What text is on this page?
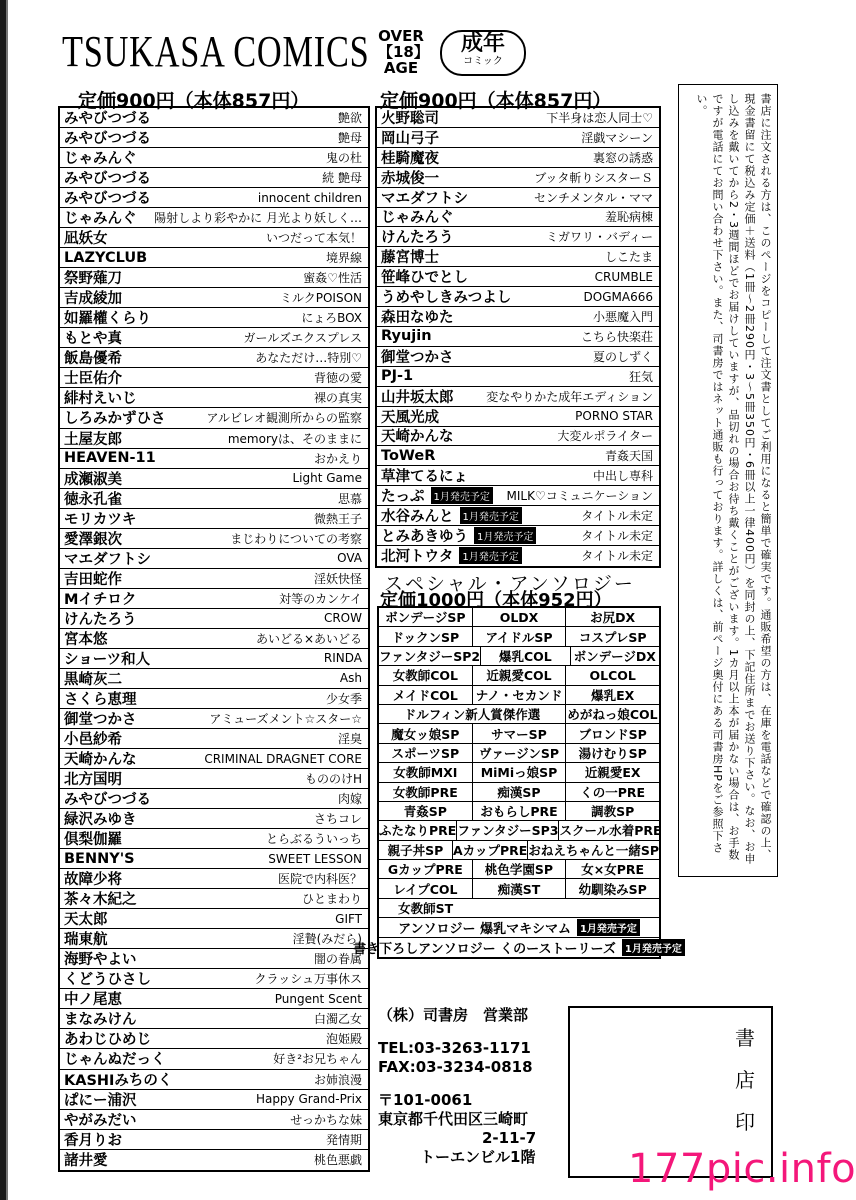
TSUKASA COMICS OVER
【18】
AGE
成年
コミック
定価900円（本体857円）
みやびつづる	艶欲
みやびつづる	艶母
じゃみんぐ	鬼の杜
みやびつづる	続 艶母
みやびつづる	innocent children
じゃみんぐ 陽射しより彩やかに 月光より妖しく…
凪妖女	いつだって本気！
LAZYCLUB	境界線
祭野薙刀	蜜姦♡性活
吉成綾加	ミルクPOISON
如羅權くらり	にょろBOX
もとや真	ガールズエクスプレス
飯島優希	あなただけ…特別♡
士臣佑介	背徳の愛
緋村えいじ	裸の真実
しろみかずひさ	アルビレオ観測所からの監察
土屋友郎	memoryは、そのままに
HEAVEN-11	おかえり
成瀬淑美	Light Game
徳永孔雀	思慕
モリカツキ	微熱王子
愛澤銀次	まじわりについての考察
マエダフトシ	OVA
吉田蛇作	淫妖快怪
Mイチロク	対等のカンケイ
けんたろう	CROW
宮本悠	あいどる×あいどる
ショーツ和人	RINDA
黒崎灰二	Ash
さくら恵理	少女季
御堂つかさ	アミューズメント☆スター☆
小邑紗希	淫臭
天崎かんな	CRIMINAL DRAGNET CORE
北方国明	もののけH
みやびつづる	肉嫁
緑沢みゆき	さちコレ
倶梨伽羅	とらぶるういっち
BENNY'S	SWEET LESSON
故障少将	医院で内科医？
茶々木紀之	ひとまわり
天太郎	GIFT
瑞東航	淫贄(みだら)
海野やよい	闇の眷属
くどうひさし	クラッシュ万事休ス
中ノ尾恵	Pungent Scent
まなみけん	白濁乙女
あわじひめじ	泡姫殿
じゃんぬだっく	好き²お兄ちゃん
KASHIみちのく	お姉浪漫
ぱにー浦沢	Happy Grand-Prix
やがみだい	せっかちな妹
香月りお	発情期
諸井愛	桃色悪戯
定価900円（本体857円）
火野聡司	下半身は恋人同士♡
岡山弓子	淫戯マシーン
桂騎魔夜	裏窓の誘惑
赤城俊一	ブッタ斬りシスターＳ
マエダフトシ	センチメンタル・ママ
じゃみんぐ	羞恥病棟
けんたろう	ミガワリ・バディー
藤宮博士	しこたま
笹峰ひでとし	CRUMBLE
うめやしきみつよし	DOGMA666
森田なゆた	小悪魔入門
Ryujin	こちら快楽荘
御堂つかさ	夏のしずく
PJ-1	狂気
山井坂太郎	変なやりかた成年エディション
天風光成	PORNO STAR
天崎かんな	大変ルポライター
ToWeR	青姦天国
草津てるにょ	中出し専科
たっぷ 1月発売予定 MILK♡コミュニケーション
水谷みんと 1月発売予定	タイトル未定
とみあきゆう 1月発売予定	タイトル未定
北河トウタ 1月発売予定	タイトル未定
スペシャル・アンソロジー
定価1000円（本体952円）
ボンデージSP	OLDX	お尻DX
ドックンSP	アイドルSP	コスプレSP
ファンタジーSP2	爆乳COL	ボンデージDX
女教師COL	近親愛COL	OLCOL
メイドCOL	ナノ・セカンド	爆乳EX
ドルフィン新人賞傑作選	めがねっ娘COL
魔女ッ娘SP	サマーSP	ブロンドSP
スポーツSP	ヴァージンSP	湯けむりSP
女教師MXI	MiMiっ娘SP	近親愛EX
女教師PRE	痴漢SP	くの一PRE
青姦SP	おもらしPRE	調教SP
ふたなりPRE ファンタジーSP3 スクール水着PRE
親子丼SP AカップPRE おねえちゃんと一緒SP
GカップPRE	桃色学園SP	女×女PRE
レイプCOL	痴漢ST	幼馴染みSP
女教師ST
アンソロジー 爆乳マキシマム 1月発売予定
書き下ろしアンソロジー くのーストーリーズ 1月発売予定
（株）司書房　営業部
TEL:03-3263-1171
FAX:03-3234-0818
〒101-0061
東京都千代田区三崎町
2-11-7
トーエンビル1階
書
店
印
書店に注文される方は、このページをコピーして注文書としてご利用になると簡単で確実です。通販希望の方は、在庫を電話などで確認の上、現金書留にて税込み定価＋送料（1冊〜2冊290円・3〜5冊350円・6冊以上一律400円）を同封の上、下記住所までお送り下さい。なお、お申し込みを戴いてから2・3週間ほどでお届けしていますが、品切れの場合お待ち戴くことがございます。1カ月以上本が届かない場合は、お手数ですが電話にてお問い合わせ下さい。また、司書房ではネット通販も行っております。詳しくは、前ページ奥付にある司書房HPをご参照下さい。
177pic.info
